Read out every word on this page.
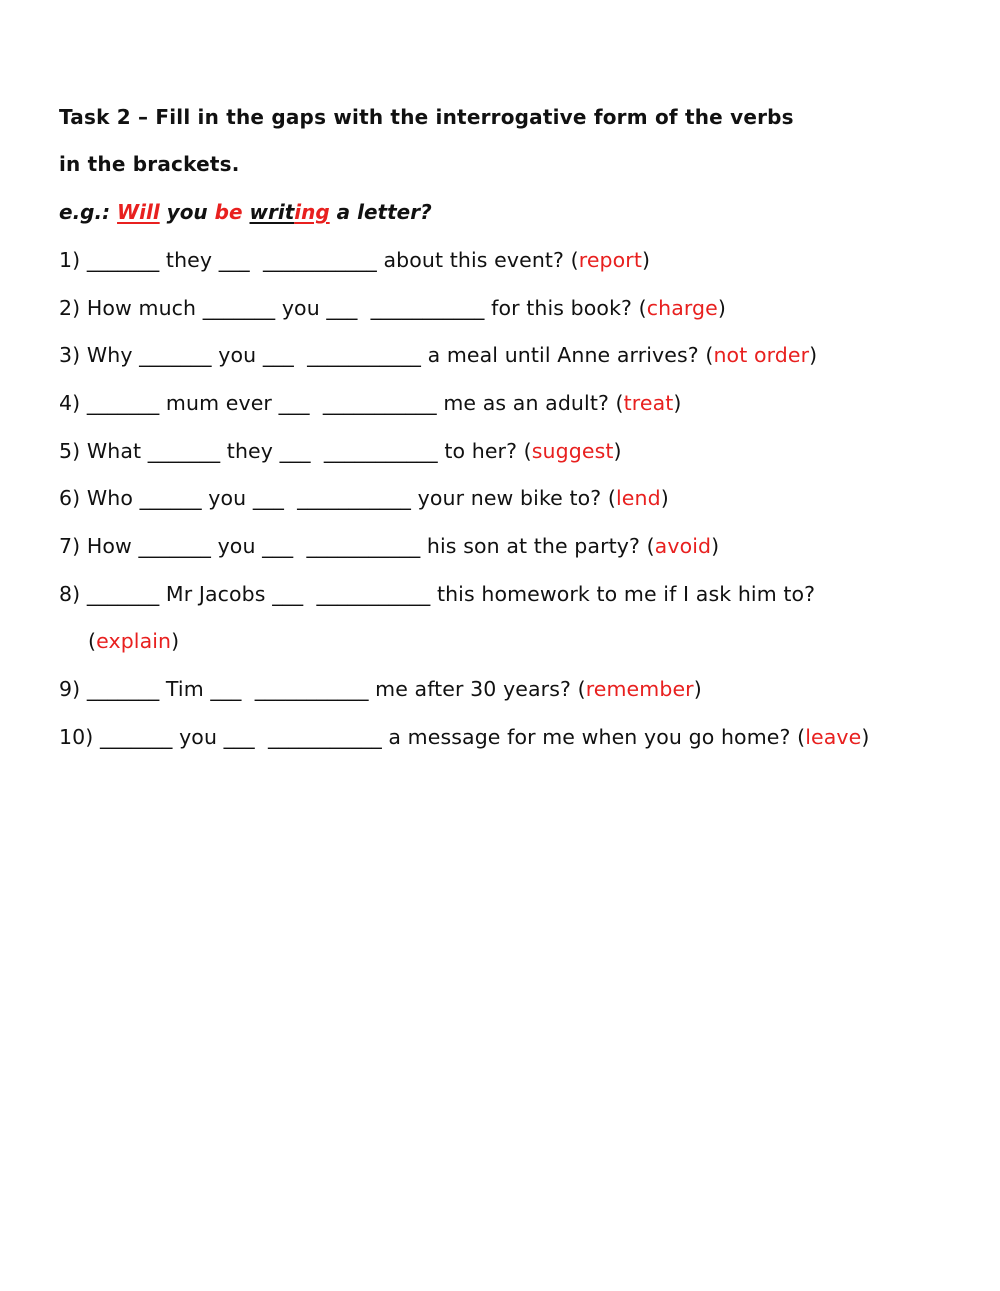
Task 2 – Fill in the gaps with the interrogative form of the verbs
in the brackets.
e.g.: Will you be writing a letter?
1) _______ they ___  ___________ about this event? (report)
2) How much _______ you ___  ___________ for this book? (charge)
3) Why _______ you ___  ___________ a meal until Anne arrives? (not order)
4) _______ mum ever ___  ___________ me as an adult? (treat)
5) What _______ they ___  ___________ to her? (suggest)
6) Who ______ you ___  ___________ your new bike to? (lend)
7) How _______ you ___  ___________ his son at the party? (avoid)
8) _______ Mr Jacobs ___  ___________ this homework to me if I ask him to?
(explain)
9) _______ Tim ___  ___________ me after 30 years? (remember)
10) _______ you ___  ___________ a message for me when you go home? (leave)
